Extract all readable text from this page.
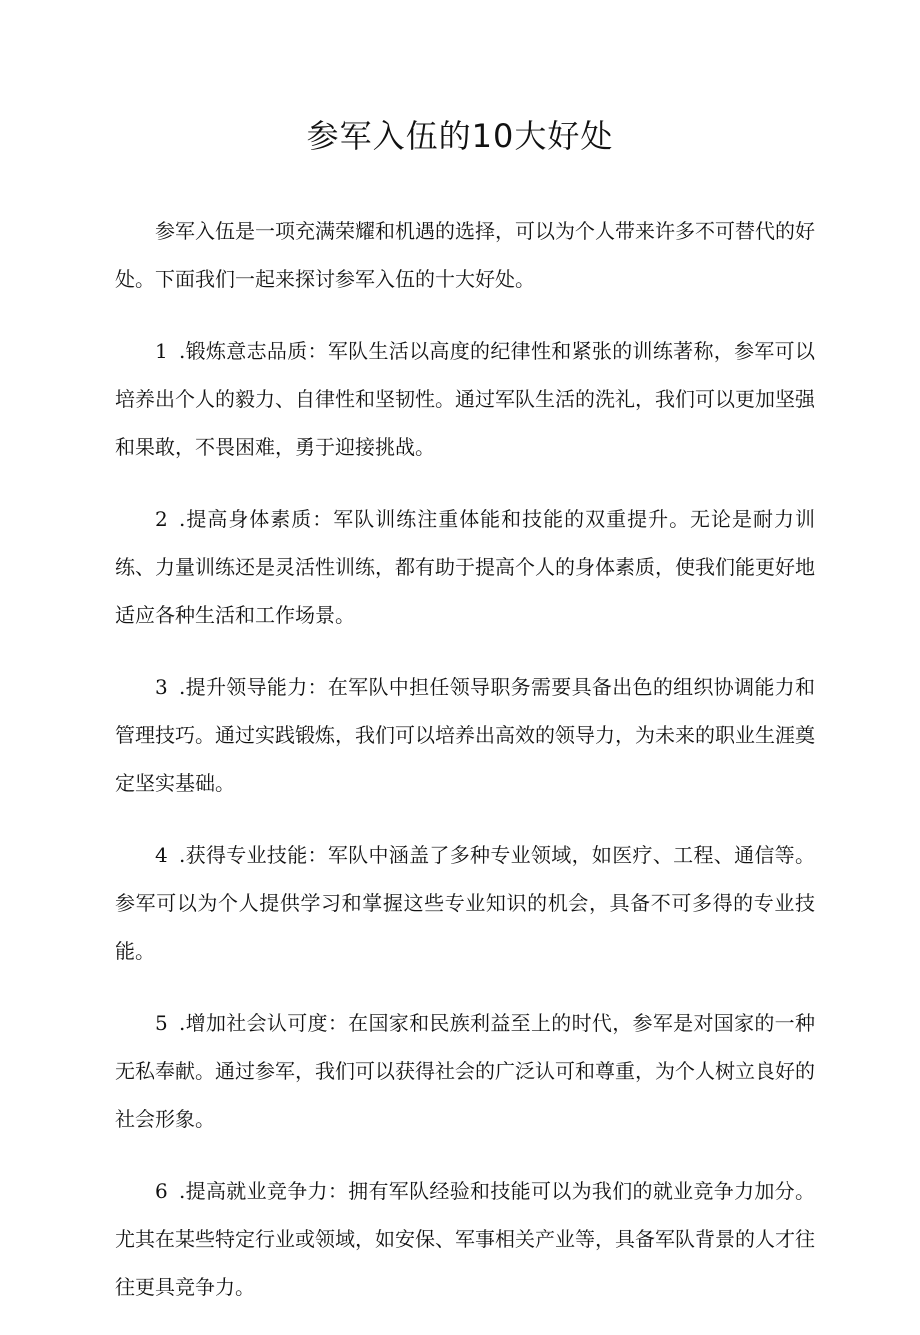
参军入伍的10大好处

参军入伍是一项充满荣耀和机遇的选择，可以为个人带来许多不可替代的好处。下面我们一起来探讨参军入伍的十大好处。

1 .锻炼意志品质：军队生活以高度的纪律性和紧张的训练著称，参军可以培养出个人的毅力、自律性和坚韧性。通过军队生活的洗礼，我们可以更加坚强和果敢，不畏困难，勇于迎接挑战。

2 .提高身体素质：军队训练注重体能和技能的双重提升。无论是耐力训练、力量训练还是灵活性训练，都有助于提高个人的身体素质，使我们能更好地适应各种生活和工作场景。

3 .提升领导能力：在军队中担任领导职务需要具备出色的组织协调能力和管理技巧。通过实践锻炼，我们可以培养出高效的领导力，为未来的职业生涯奠定坚实基础。

4 .获得专业技能：军队中涵盖了多种专业领域，如医疗、工程、通信等。参军可以为个人提供学习和掌握这些专业知识的机会，具备不可多得的专业技能。

5 .增加社会认可度：在国家和民族利益至上的时代，参军是对国家的一种无私奉献。通过参军，我们可以获得社会的广泛认可和尊重，为个人树立良好的社会形象。

6 .提高就业竞争力：拥有军队经验和技能可以为我们的就业竞争力加分。尤其在某些特定行业或领域，如安保、军事相关产业等，具备军队背景的人才往往更具竞争力。
